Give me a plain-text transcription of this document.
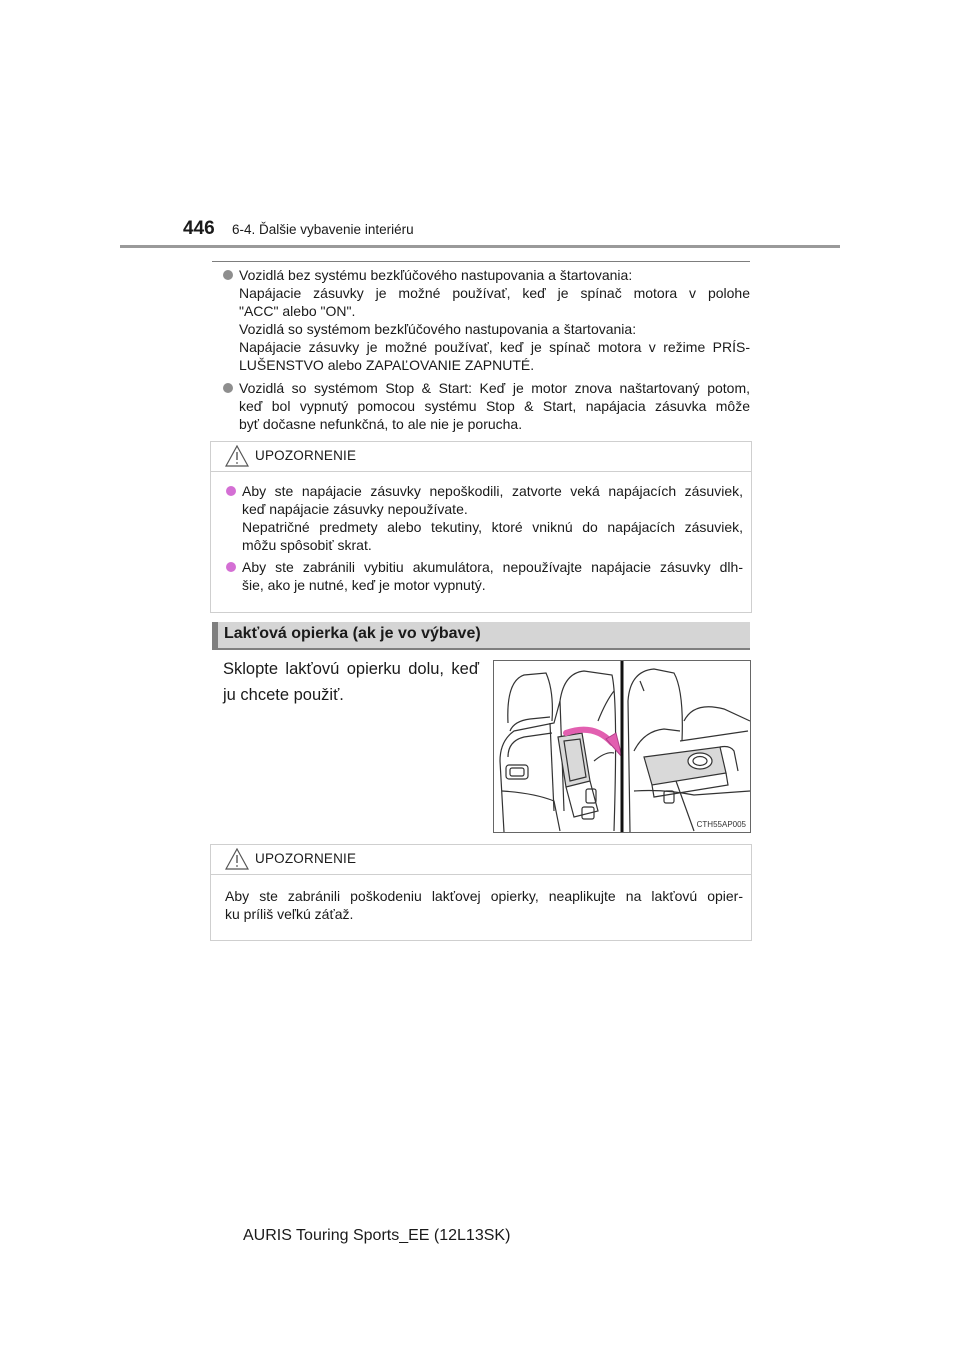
446 6-4. Ďalšie vybavenie interiéru
Vozidlá bez systému bezkľúčového nastupovania a štartovania:
Napájacie zásuvky je možné používať, keď je spínač motora v polohe
"ACC" alebo "ON".
Vozidlá so systémom bezkľúčového nastupovania a štartovania:
Napájacie zásuvky je možné používať, keď je spínač motora v režime PRÍS-
LUŠENSTVO alebo ZAPAĽOVANIE ZAPNUTÉ.
Vozidlá so systémom Stop & Start: Keď je motor znova naštartovaný potom,
keď bol vypnutý pomocou systému Stop & Start, napájacia zásuvka môže
byť dočasne nefunkčná, to ale nie je porucha.
UPOZORNENIE
Aby ste napájacie zásuvky nepoškodili, zatvorte veká napájacích zásuviek,
keď napájacie zásuvky nepoužívate.
Nepatričné predmety alebo tekutiny, ktoré vniknú do napájacích zásuviek,
môžu spôsobiť skrat.
Aby ste zabránili vybitiu akumulátora, nepoužívajte napájacie zásuvky dlh-
šie, ako je nutné, keď je motor vypnutý.
Lakťová opierka (ak je vo výbave)
Sklopte lakťovú opierku dolu, keď
ju chcete použiť.
CTH55AP005
UPOZORNENIE
Aby ste zabránili poškodeniu lakťovej opierky, neaplikujte na lakťovú opier-
ku príliš veľkú záťaž.
AURIS Touring Sports_EE (12L13SK)
